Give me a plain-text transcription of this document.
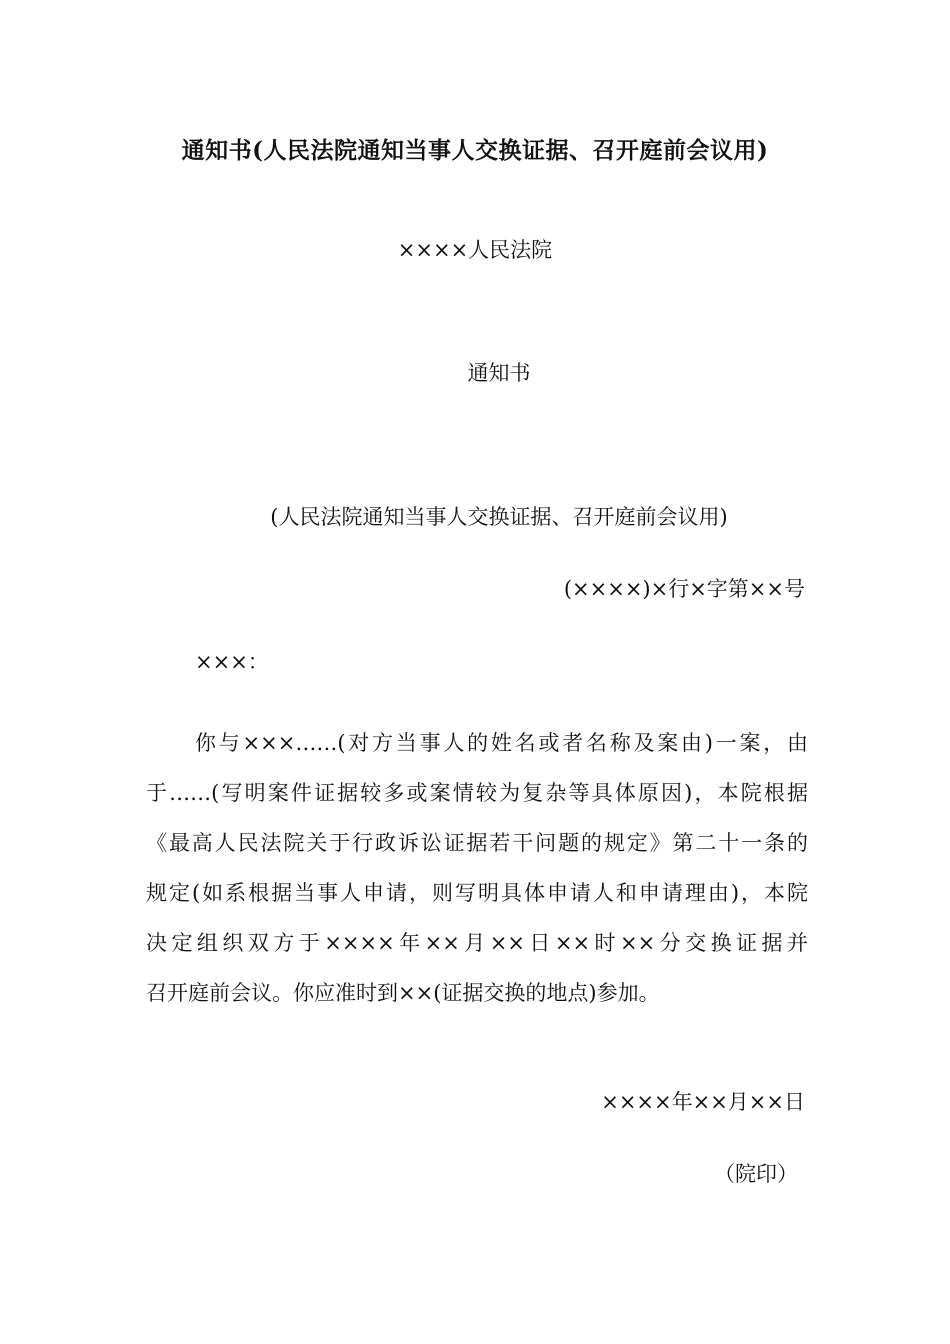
通知书(人民法院通知当事人交换证据、召开庭前会议用)
××××人民法院
通知书
(人民法院通知当事人交换证据、召开庭前会议用)
(××××)×行×字第××号
×××：
你与×××……(对方当事人的姓名或者名称及案由)一案，由
于……(写明案件证据较多或案情较为复杂等具体原因)，本院根据
《最高人民法院关于行政诉讼证据若干问题的规定》第二十一条的
规定(如系根据当事人申请，则写明具体申请人和申请理由)，本院
决定组织双方于××××年××月××日××时××分交换证据并
召开庭前会议。你应准时到××(证据交换的地点)参加。
××××年××月××日
（院印）
